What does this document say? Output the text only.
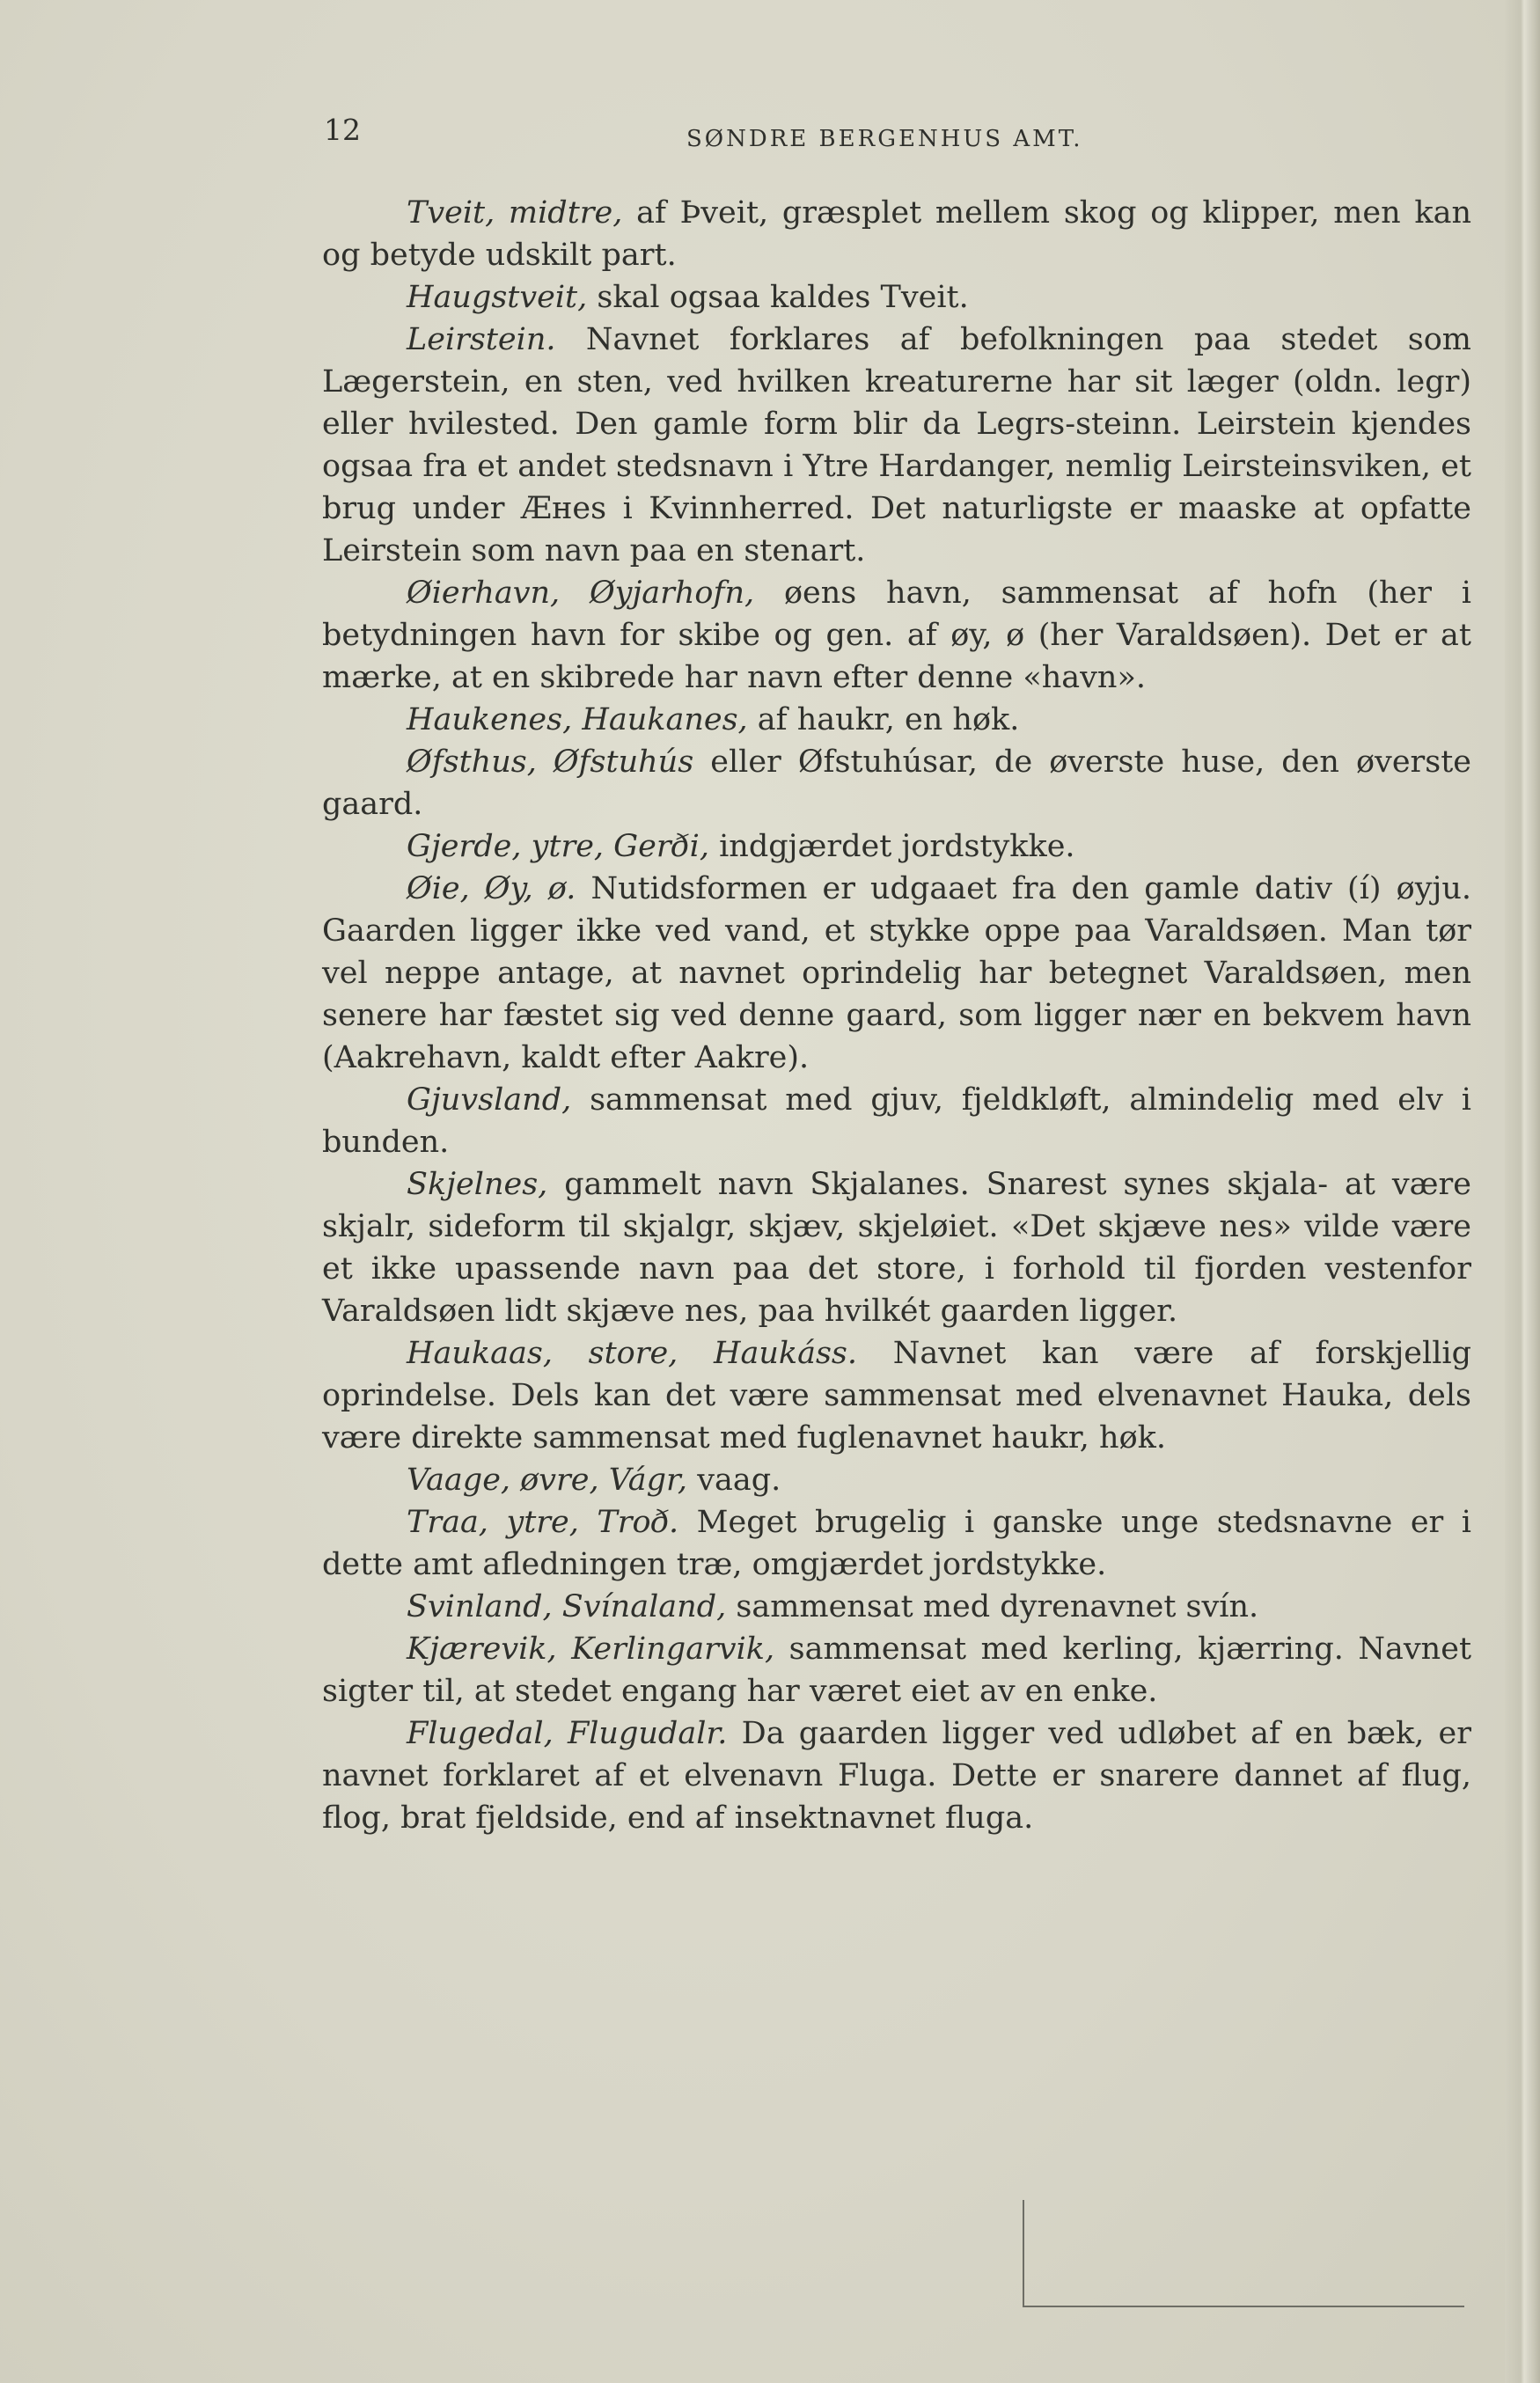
12	SØNDRE BERGENHUS AMT.

Tveit, midtre, af Þveit, græsplet mellem skog og klipper, men kan og betyde udskilt part.

Haugstveit, skal ogsaa kaldes Tveit.

Leirstein. Navnet forklares af befolkningen paa stedet som Lægerstein, en sten, ved hvilken kreaturerne har sit læger (oldn. legr) eller hvilested. Den gamle form blir da Legrs-steinn. Leirstein kjendes ogsaa fra et andet stedsnavn i Ytre Hardanger, nemlig Leirsteinsviken, et brug under Æнes i Kvinnherred. Det naturligste er maaske at opfatte Leirstein som navn paa en stenart.

Øierhavn, Øyjarhofn, øens havn, sammensat af hofn (her i betydningen havn for skibe og gen. af øy, ø (her Varaldsøen). Det er at mærke, at en skibrede har navn efter denne «havn».

Haukenes, Haukanes, af haukr, en høk.

Øfsthus, Øfstuhús eller Øfstuhúsar, de øverste huse, den øverste gaard.

Gjerde, ytre, Gerði, indgjærdet jordstykke.

Øie, Øy, ø. Nutidsformen er udgaaet fra den gamle dativ (í) øyju. Gaarden ligger ikke ved vand, et stykke oppe paa Varaldsøen. Man tør vel neppe antage, at navnet oprindelig har betegnet Varaldsøen, men senere har fæstet sig ved denne gaard, som ligger nær en bekvem havn (Aakrehavn, kaldt efter Aakre).

Gjuvsland, sammensat med gjuv, fjeldkløft, almindelig med elv i bunden.

Skjelnes, gammelt navn Skjalanes. Snarest synes skjala- at være skjalr, sideform til skjalgr, skjæv, skjeløiet. «Det skjæve nes» vilde være et ikke upassende navn paa det store, i forhold til fjorden vestenfor Varaldsøen lidt skjæve nes, paa hvilkét gaarden ligger.

Haukaas, store, Haukáss. Navnet kan være af forskjellig oprindelse. Dels kan det være sammensat med elvenavnet Hauka, dels være direkte sammensat med fuglenavnet haukr, høk.

Vaage, øvre, Vágr, vaag.

Traa, ytre, Troð. Meget brugelig i ganske unge stedsnavne er i dette amt afledningen træ, omgjærdet jordstykke.

Svinland, Svínaland, sammensat med dyrenavnet svín.

Kjærevik, Kerlingarvik, sammensat med kerling, kjærring. Navnet sigter til, at stedet engang har været eiet av en enke.

Flugedal, Flugudalr. Da gaarden ligger ved udløbet af en bæk, er navnet forklaret af et elvenavn Fluga. Dette er snarere dannet af flug, flog, brat fjeldside, end af insektnavnet fluga.
